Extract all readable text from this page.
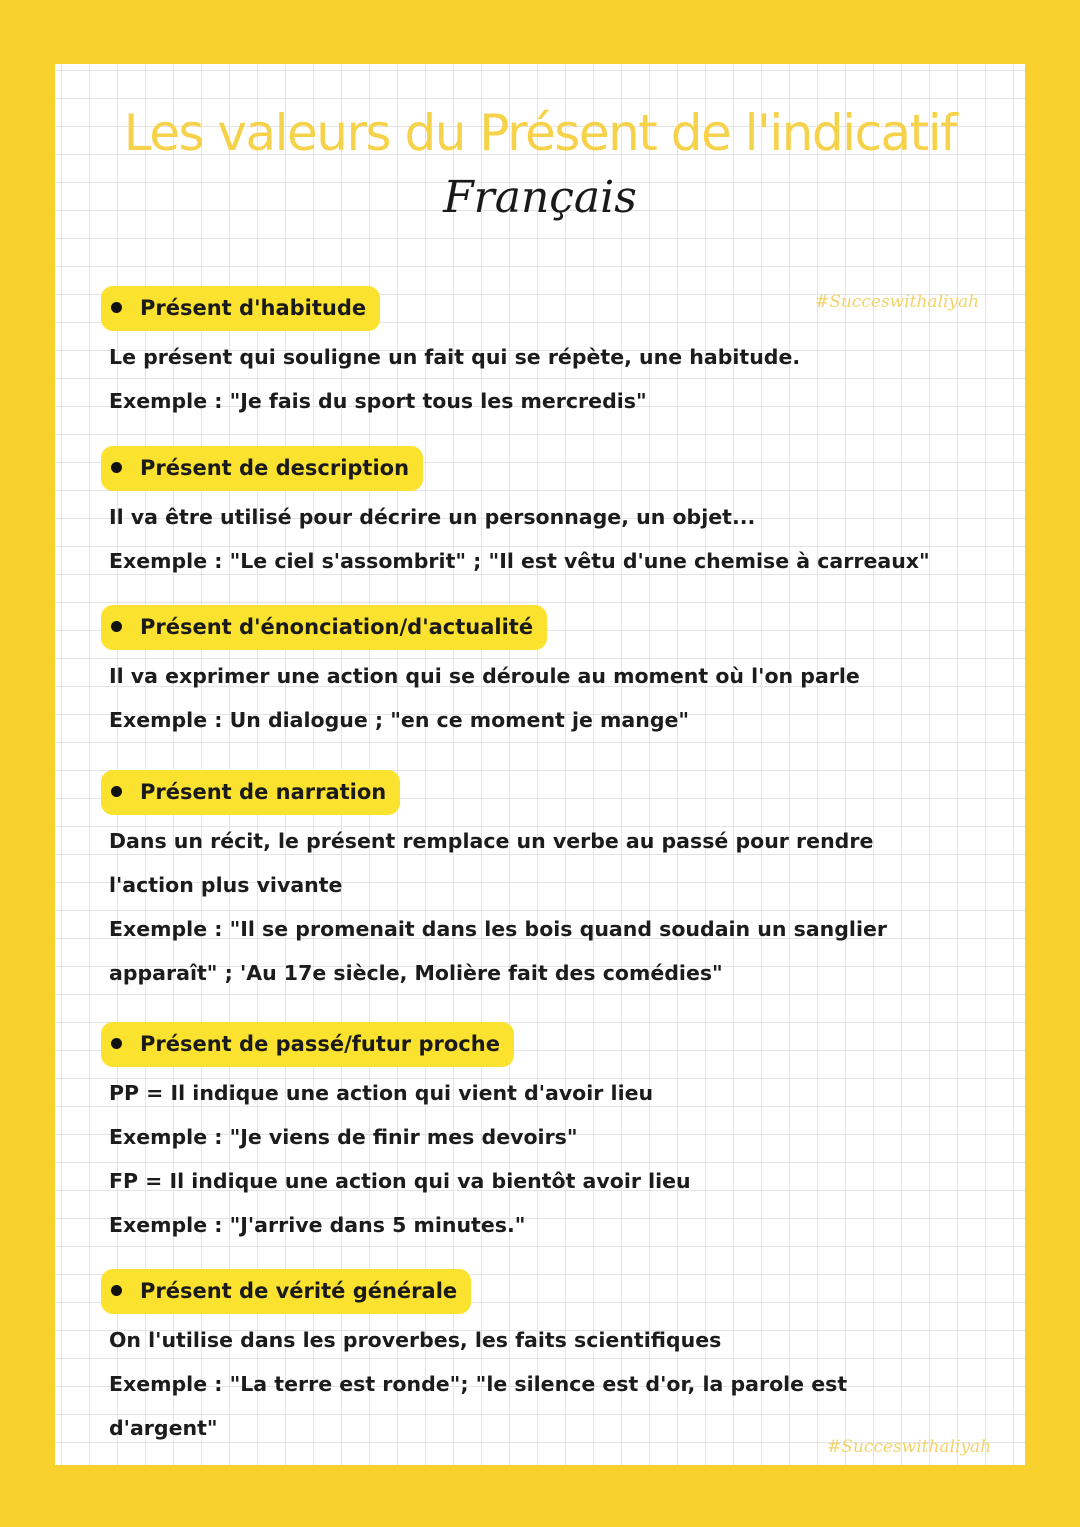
Les valeurs du Présent de l'indicatif
Français
#Succeswithaliyah
Présent d'habitude

Le présent qui souligne un fait qui se répète, une habitude.

Exemple : "Je fais du sport tous les mercredis"

Présent de description

Il va être utilisé pour décrire un personnage, un objet...

Exemple : "Le ciel s'assombrit" ; "Il est vêtu d'une chemise à carreaux"

Présent d'énonciation/d'actualité

Il va exprimer une action qui se déroule au moment où l'on parle

Exemple : Un dialogue ; "en ce moment je mange"

Présent de narration

Dans un récit, le présent remplace un verbe au passé pour rendre

l'action plus vivante

Exemple : "Il se promenait dans les bois quand soudain un sanglier

apparaît" ; 'Au 17e siècle, Molière fait des comédies"

Présent de passé/futur proche

PP = Il indique une action qui vient d'avoir lieu

Exemple : "Je viens de finir mes devoirs"

FP = Il indique une action qui va bientôt avoir lieu

Exemple : "J'arrive dans 5 minutes."

Présent de vérité générale

On l'utilise dans les proverbes, les faits scientifiques

Exemple : "La terre est ronde"; "le silence est d'or, la parole est

d'argent"

#Succeswithaliyah
